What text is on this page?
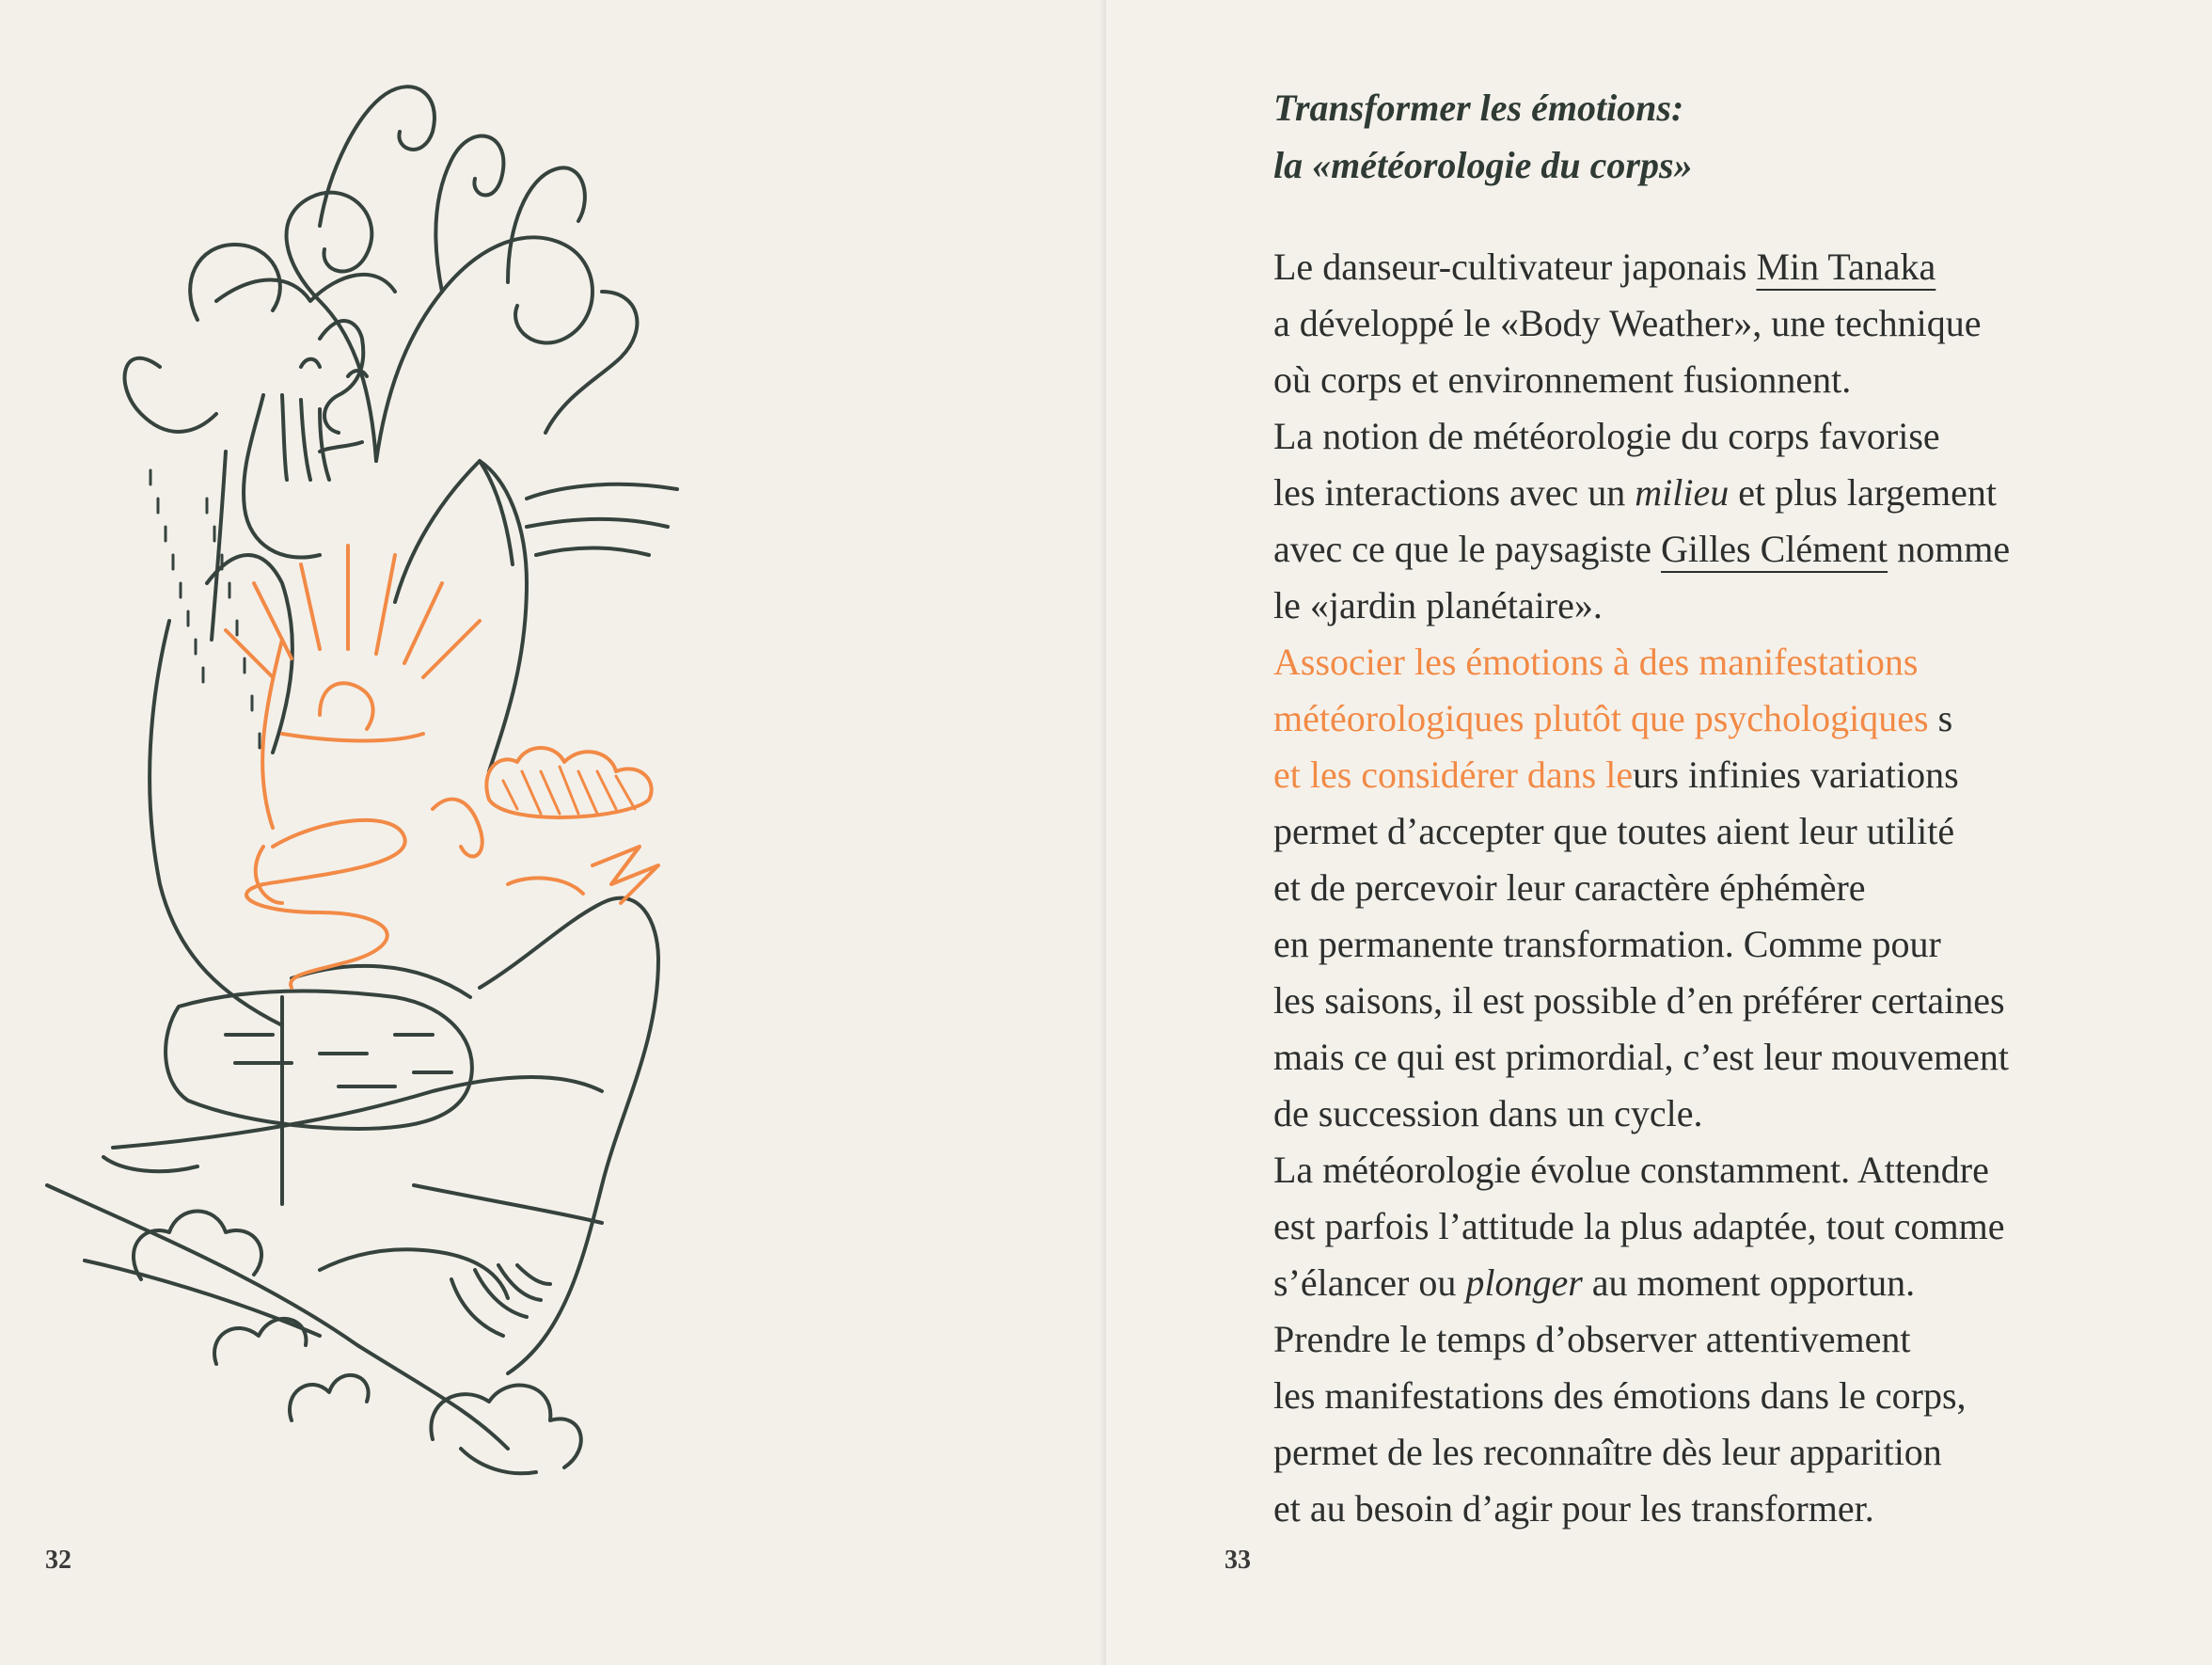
32
Transformer les émotions:
la «météorologie du corps»
Le danseur-cultivateur japonais Min Tanaka
a développé le «Body Weather», une technique
où corps et environnement fusionnent.
La notion de météorologie du corps favorise
les interactions avec un milieu et plus largement
avec ce que le paysagiste Gilles Clément nomme
le «jardin planétaire».
Associer les émotions à des manifestations
météorologiques plutôt que psychologiques s
et les considérer dans leurs infinies variations
permet d’accepter que toutes aient leur utilité
et de percevoir leur caractère éphémère
en permanente transformation. Comme pour
les saisons, il est possible d’en préférer certaines
mais ce qui est primordial, c’est leur mouvement
de succession dans un cycle.
La météorologie évolue constamment. Attendre
est parfois l’attitude la plus adaptée, tout comme
s’élancer ou plonger au moment opportun.
Prendre le temps d’observer attentivement
les manifestations des émotions dans le corps,
permet de les reconnaître dès leur apparition
et au besoin d’agir pour les transformer.
33
